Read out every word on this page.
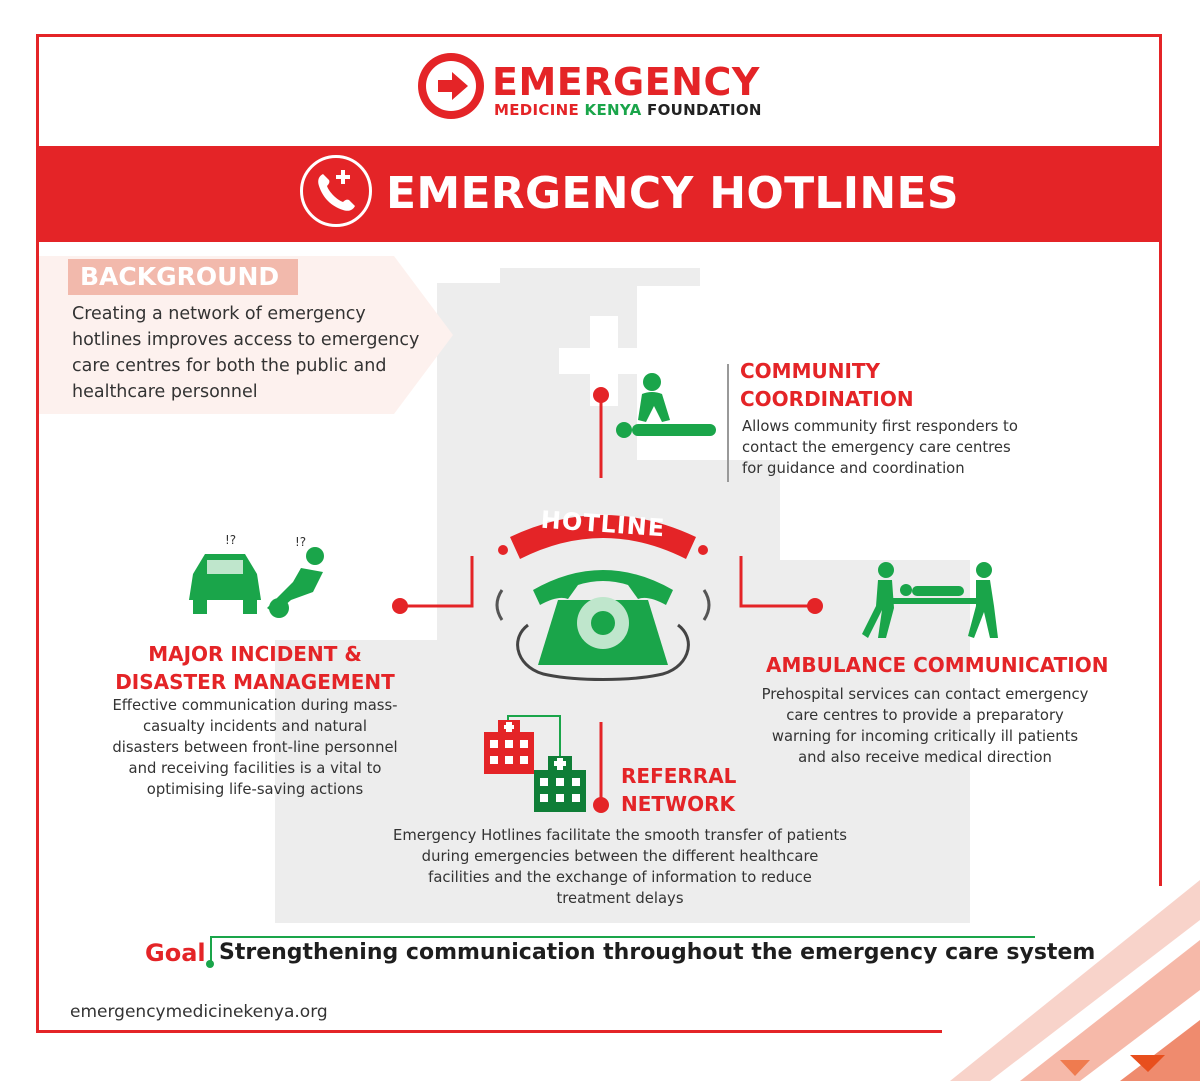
EMERGENCY
MEDICINE KENYA FOUNDATION
EMERGENCY HOTLINES
BACKGROUND
Creating a network of emergency hotlines improves access to emergency care centres for both the public and healthcare personnel
HOTLINE
COMMUNITY
COORDINATION
Allows community first responders to contact the emergency care centres for guidance and coordination
!?	!?
MAJOR INCIDENT &
DISASTER MANAGEMENT
Effective communication during mass-casualty incidents and natural disasters between front-line personnel and receiving facilities is a vital to optimising life-saving actions
AMBULANCE COMMUNICATION
Prehospital services can contact emergency care centres to provide a preparatory warning for incoming critically ill patients and also receive medical direction
REFERRAL
NETWORK
Emergency Hotlines facilitate the smooth transfer of patients during emergencies between the different healthcare facilities and the exchange of information to reduce treatment delays
Goal Strengthening communication throughout the emergency care system
emergencymedicinekenya.org
